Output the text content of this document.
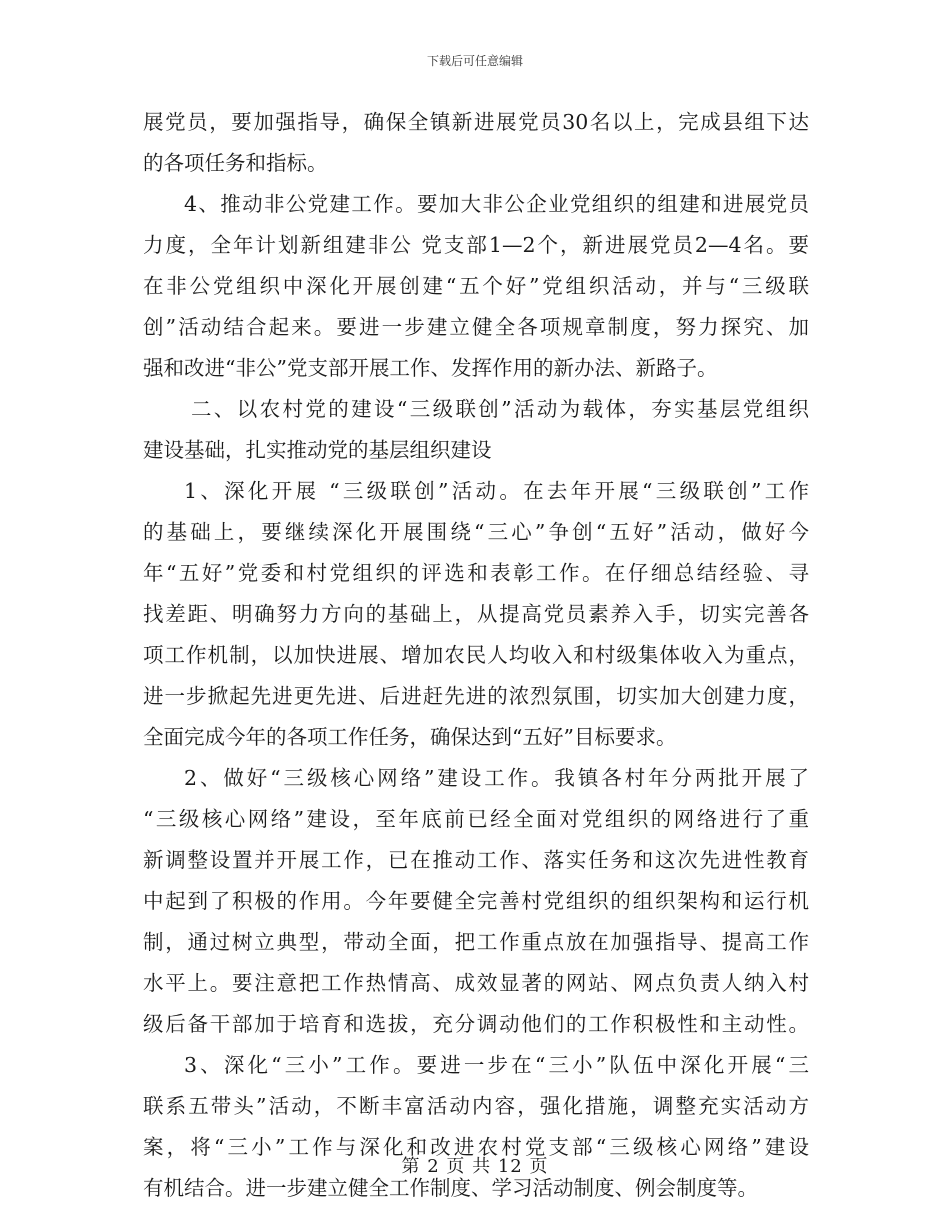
下载后可任意编辑
展党员，要加强指导，确保全镇新进展党员30名以上，完成县组下达
的各项任务和指标。
4、推动非公党建工作。要加大非公企业党组织的组建和进展党员
力度，全年计划新组建非公 党支部1—2个，新进展党员2—4名。要
在非公党组织中深化开展创建“五个好”党组织活动，并与“三级联
创”活动结合起来。要进一步建立健全各项规章制度，努力探究、加
强和改进“非公”党支部开展工作、发挥作用的新办法、新路子。
二、以农村党的建设“三级联创”活动为载体，夯实基层党组织
建设基础，扎实推动党的基层组织建设
1、深化开展 “三级联创”活动。在去年开展“三级联创”工作
的基础上，要继续深化开展围绕“三心”争创“五好”活动，做好今
年“五好”党委和村党组织的评选和表彰工作。在仔细总结经验、寻
找差距、明确努力方向的基础上，从提高党员素养入手，切实完善各
项工作机制，以加快进展、增加农民人均收入和村级集体收入为重点，
进一步掀起先进更先进、后进赶先进的浓烈氛围，切实加大创建力度，
全面完成今年的各项工作任务，确保达到“五好”目标要求。
2、做好“三级核心网络”建设工作。我镇各村年分两批开展了
“三级核心网络”建设，至年底前已经全面对党组织的网络进行了重
新调整设置并开展工作，已在推动工作、落实任务和这次先进性教育
中起到了积极的作用。今年要健全完善村党组织的组织架构和运行机
制，通过树立典型，带动全面，把工作重点放在加强指导、提高工作
水平上。要注意把工作热情高、成效显著的网站、网点负责人纳入村
级后备干部加于培育和选拔，充分调动他们的工作积极性和主动性。
3、深化“三小”工作。要进一步在“三小”队伍中深化开展“三
联系五带头”活动，不断丰富活动内容，强化措施，调整充实活动方
案，将“三小”工作与深化和改进农村党支部“三级核心网络”建设
有机结合。进一步建立健全工作制度、学习活动制度、例会制度等。
第 2 页 共 12 页
